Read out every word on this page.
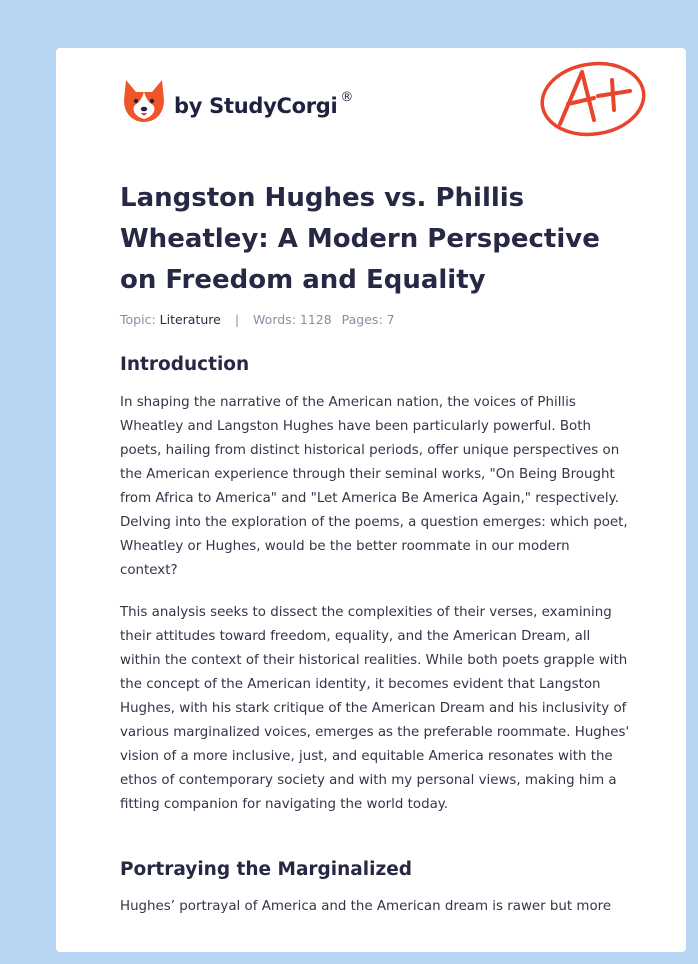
by StudyCorgi ®
Langston Hughes vs. Phillis Wheatley: A Modern Perspective on Freedom and Equality
Topic: Literature | Words: 1128 Pages: 7
Introduction

In shaping the narrative of the American nation, the voices of Phillis Wheatley and Langston Hughes have been particularly powerful. Both poets, hailing from distinct historical periods, offer unique perspectives on the American experience through their seminal works, "On Being Brought from Africa to America" and "Let America Be America Again," respectively. Delving into the exploration of the poems, a question emerges: which poet, Wheatley or Hughes, would be the better roommate in our modern context?

This analysis seeks to dissect the complexities of their verses, examining their attitudes toward freedom, equality, and the American Dream, all within the context of their historical realities. While both poets grapple with the concept of the American identity, it becomes evident that Langston Hughes, with his stark critique of the American Dream and his inclusivity of various marginalized voices, emerges as the preferable roommate. Hughes' vision of a more inclusive, just, and equitable America resonates with the ethos of contemporary society and with my personal views, making him a fitting companion for navigating the world today.

Portraying the Marginalized

Hughes’ portrayal of America and the American dream is rawer but more
